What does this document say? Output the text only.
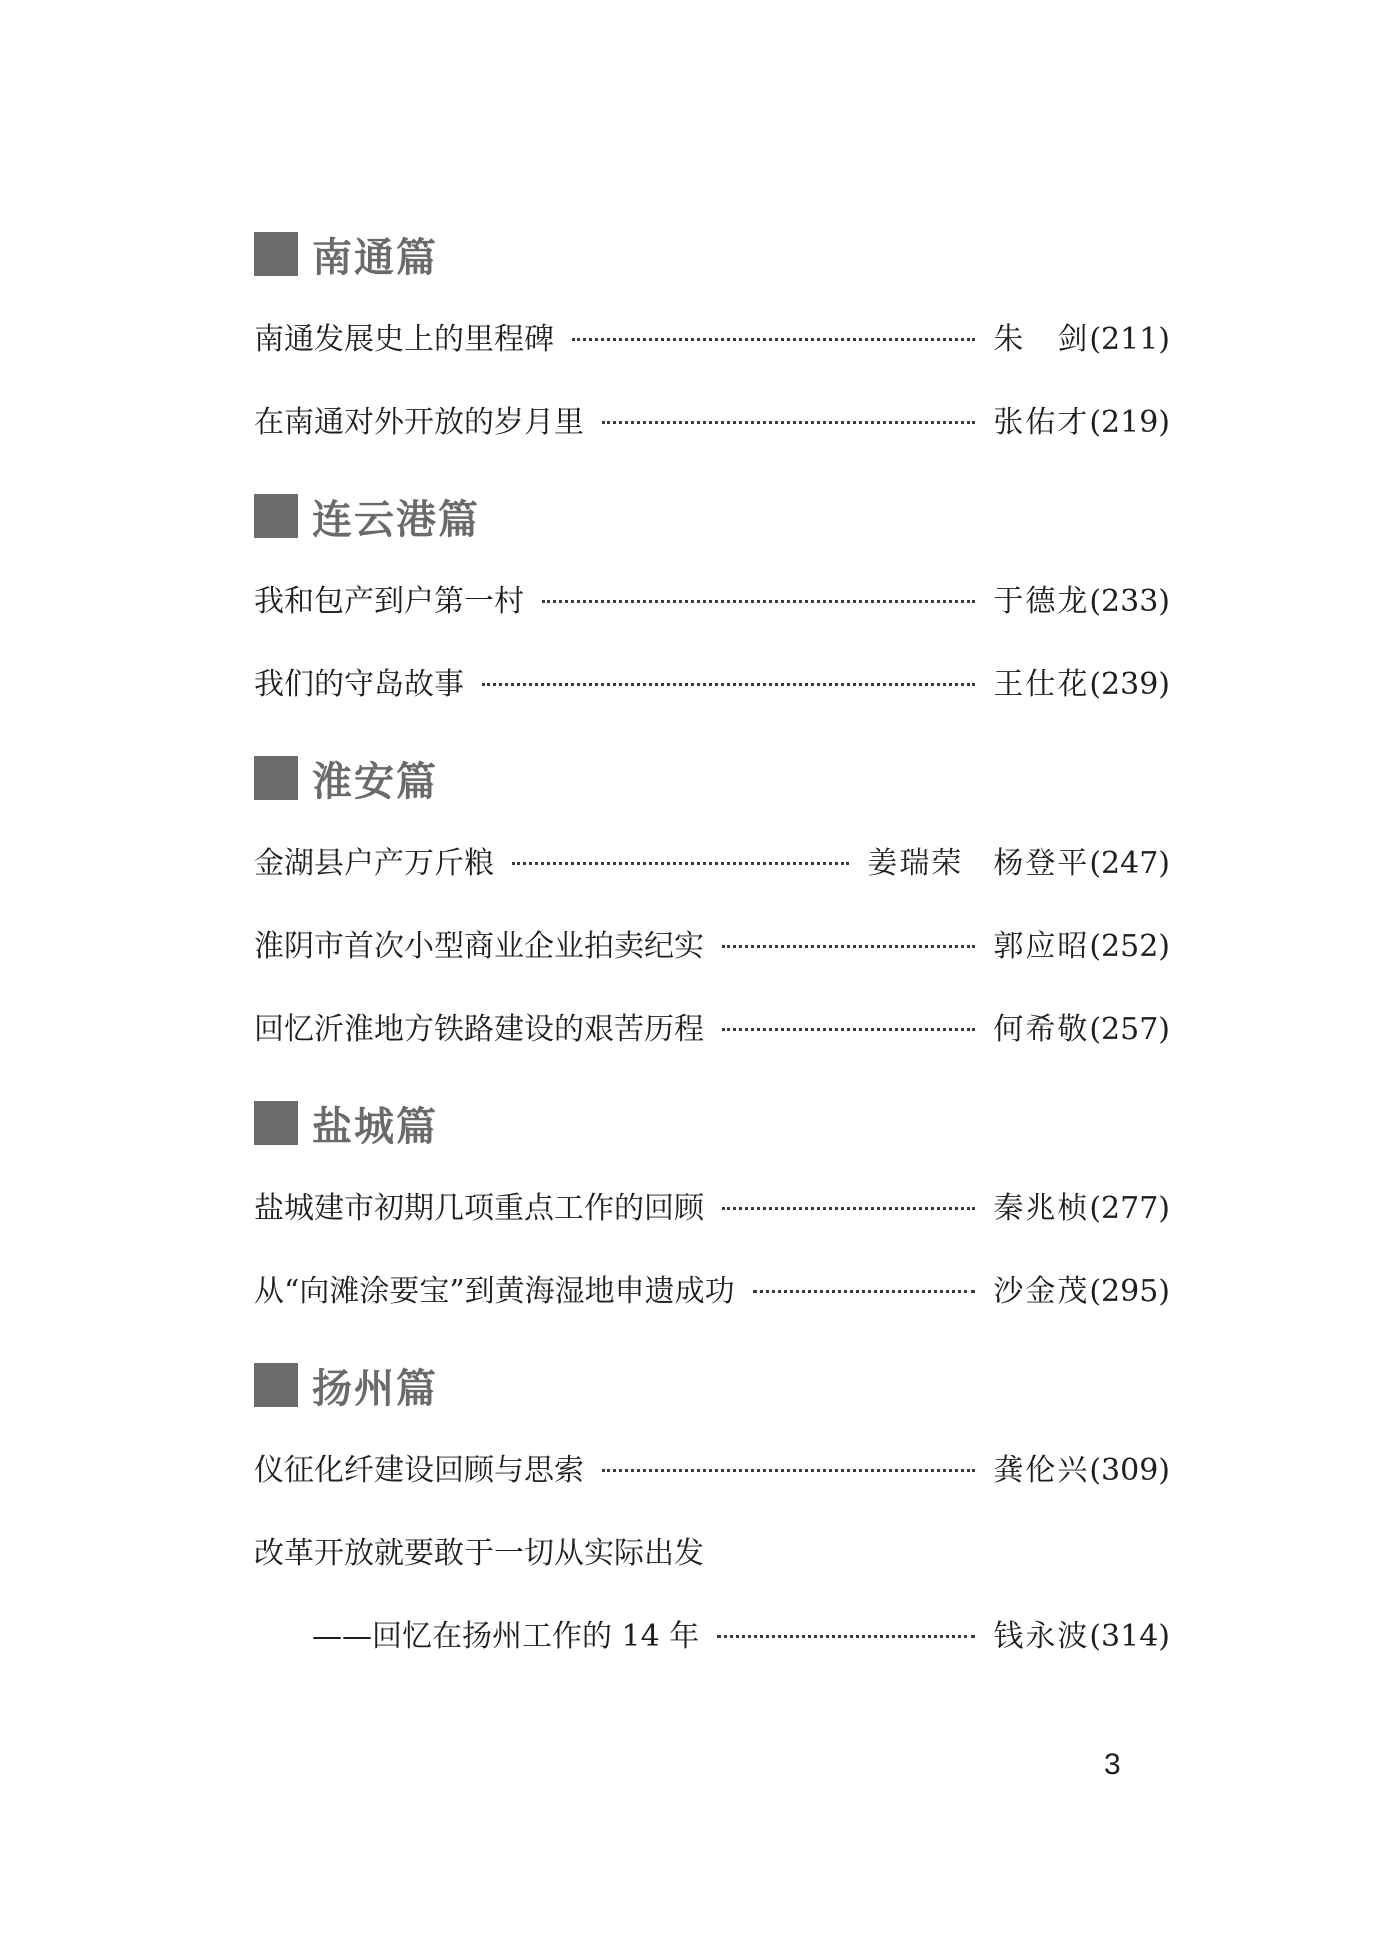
南通篇
南通发展史上的里程碑	朱　剑 (211)
在南通对外开放的岁月里	张佑才 (219)
连云港篇
我和包产到户第一村	于德龙 (233)
我们的守岛故事	王仕花 (239)
淮安篇
金湖县户产万斤粮	姜瑞荣 杨登平 (247)
淮阴市首次小型商业企业拍卖纪实	郭应昭 (252)
回忆沂淮地方铁路建设的艰苦历程	何希敬 (257)
盐城篇
盐城建市初期几项重点工作的回顾	秦兆桢 (277)
从“向滩涂要宝”到黄海湿地申遗成功	沙金茂 (295)
扬州篇
仪征化纤建设回顾与思索	龚伦兴 (309)
改革开放就要敢于一切从实际出发
——回忆在扬州工作的 14 年	钱永波 (314)
3
